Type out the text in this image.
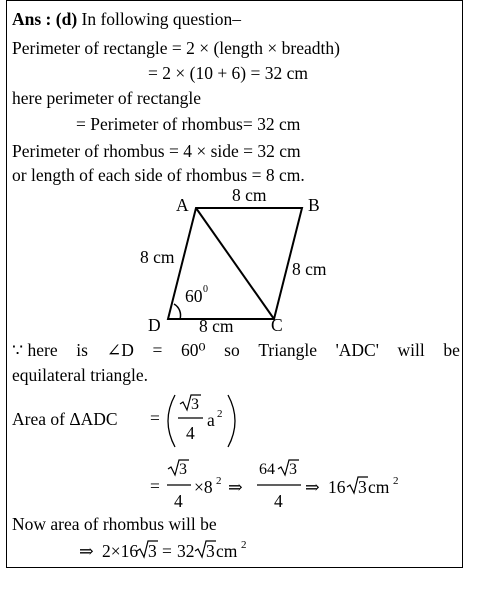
Ans : (d) In following question–
Perimeter of rectangle = 2 × (length × breadth)
= 2 × (10 + 6) = 32 cm
here perimeter of rectangle
= Perimeter of rhombus= 32 cm
Perimeter of rhombus = 4 × side = 32 cm
or length of each side of rhombus = 8 cm.
A	B
C
D
8 cm
8 cm
8 cm
8 cm
60 0
∵ here is ∠D = 60⁰ so Triangle 'ADC' will be
equilateral triangle.
Area of ΔADC =
3
4
a 2
=
3
4
×8 2 ⇒
64 3
4
⇒ 16 3 cm 2
Now area of rhombus will be
⇒ 2×16 3 = 32 3 cm 2
